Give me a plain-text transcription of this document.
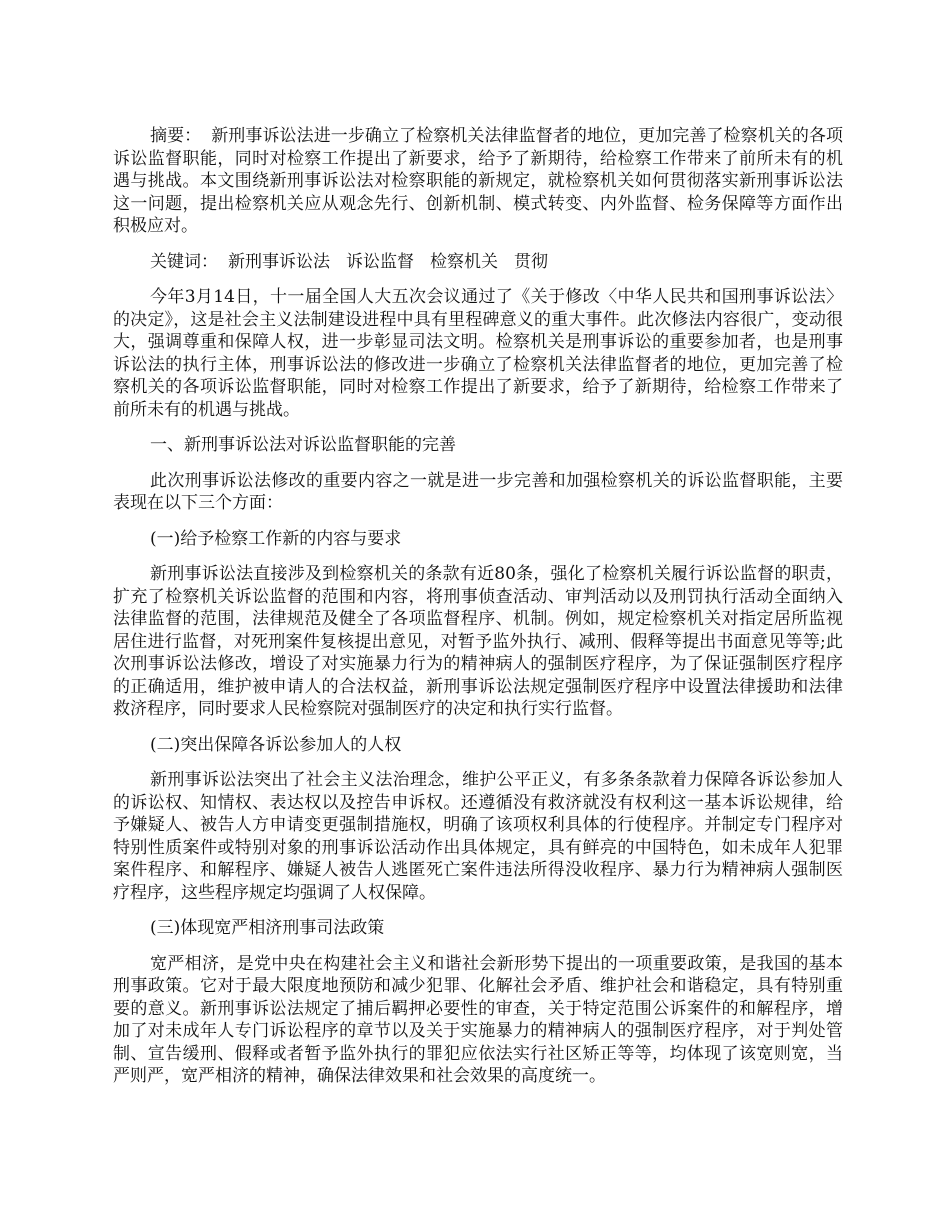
摘要： 新刑事诉讼法进一步确立了检察机关法律监督者的地位，更加完善了检察机关的各项诉讼监督职能，同时对检察工作提出了新要求，给予了新期待，给检察工作带来了前所未有的机遇与挑战。本文围绕新刑事诉讼法对检察职能的新规定，就检察机关如何贯彻落实新刑事诉讼法这一问题，提出检察机关应从观念先行、创新机制、模式转变、内外监督、检务保障等方面作出积极应对。

关键词： 新刑事诉讼法 诉讼监督 检察机关 贯彻

今年3月14日，十一届全国人大五次会议通过了《关于修改〈中华人民共和国刑事诉讼法〉的决定》，这是社会主义法制建设进程中具有里程碑意义的重大事件。此次修法内容很广，变动很大，强调尊重和保障人权，进一步彰显司法文明。检察机关是刑事诉讼的重要参加者，也是刑事诉讼法的执行主体，刑事诉讼法的修改进一步确立了检察机关法律监督者的地位，更加完善了检察机关的各项诉讼监督职能，同时对检察工作提出了新要求，给予了新期待，给检察工作带来了前所未有的机遇与挑战。

一、新刑事诉讼法对诉讼监督职能的完善

此次刑事诉讼法修改的重要内容之一就是进一步完善和加强检察机关的诉讼监督职能，主要表现在以下三个方面：

(一)给予检察工作新的内容与要求

新刑事诉讼法直接涉及到检察机关的条款有近80条，强化了检察机关履行诉讼监督的职责，扩充了检察机关诉讼监督的范围和内容，将刑事侦查活动、审判活动以及刑罚执行活动全面纳入法律监督的范围，法律规范及健全了各项监督程序、机制。例如，规定检察机关对指定居所监视居住进行监督，对死刑案件复核提出意见，对暂予监外执行、减刑、假释等提出书面意见等等;此次刑事诉讼法修改，增设了对实施暴力行为的精神病人的强制医疗程序，为了保证强制医疗程序的正确适用，维护被申请人的合法权益，新刑事诉讼法规定强制医疗程序中设置法律援助和法律救济程序，同时要求人民检察院对强制医疗的决定和执行实行监督。

(二)突出保障各诉讼参加人的人权

新刑事诉讼法突出了社会主义法治理念，维护公平正义，有多条条款着力保障各诉讼参加人的诉讼权、知情权、表达权以及控告申诉权。还遵循没有救济就没有权利这一基本诉讼规律，给予嫌疑人、被告人方申请变更强制措施权，明确了该项权利具体的行使程序。并制定专门程序对特别性质案件或特别对象的刑事诉讼活动作出具体规定，具有鲜亮的中国特色，如未成年人犯罪案件程序、和解程序、嫌疑人被告人逃匿死亡案件违法所得没收程序、暴力行为精神病人强制医疗程序，这些程序规定均强调了人权保障。

(三)体现宽严相济刑事司法政策

宽严相济，是党中央在构建社会主义和谐社会新形势下提出的一项重要政策，是我国的基本刑事政策。它对于最大限度地预防和减少犯罪、化解社会矛盾、维护社会和谐稳定，具有特别重要的意义。新刑事诉讼法规定了捕后羁押必要性的审查，关于特定范围公诉案件的和解程序，增加了对未成年人专门诉讼程序的章节以及关于实施暴力的精神病人的强制医疗程序，对于判处管制、宣告缓刑、假释或者暂予监外执行的罪犯应依法实行社区矫正等等，均体现了该宽则宽，当严则严，宽严相济的精神，确保法律效果和社会效果的高度统一。
